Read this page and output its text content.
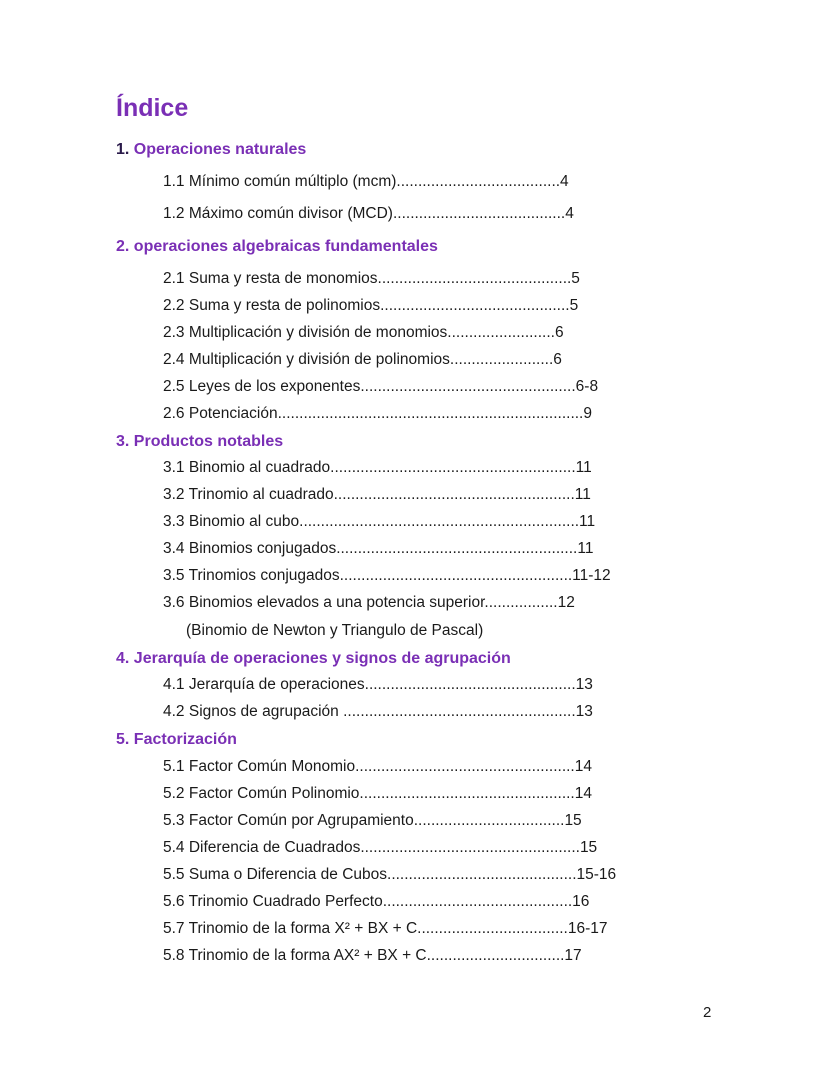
Índice
1. Operaciones naturales
1.1 Mínimo común múltiplo (mcm)......................................4
1.2 Máximo común divisor (MCD)........................................4
2. operaciones algebraicas fundamentales
2.1 Suma y resta de monomios.............................................5
2.2 Suma y resta de polinomios............................................5
2.3 Multiplicación y división de monomios.........................6
2.4 Multiplicación y división de polinomios........................6
2.5 Leyes de los exponentes..................................................6-8
2.6 Potenciación.......................................................................9
3. Productos notables
3.1 Binomio al cuadrado.........................................................11
3.2 Trinomio al cuadrado........................................................11
3.3 Binomio al cubo.................................................................11
3.4 Binomios conjugados........................................................11
3.5 Trinomios conjugados......................................................11-12
3.6 Binomios elevados a una potencia superior.................12
(Binomio de Newton y Triangulo de Pascal)
4. Jerarquía de operaciones y signos de agrupación
4.1 Jerarquía de operaciones.................................................13
4.2 Signos de agrupación ......................................................13
5. Factorización
5.1 Factor Común Monomio...................................................14
5.2 Factor Común Polinomio..................................................14
5.3 Factor Común por Agrupamiento...................................15
5.4 Diferencia de Cuadrados...................................................15
5.5 Suma o Diferencia de Cubos............................................15-16
5.6 Trinomio Cuadrado Perfecto............................................16
5.7 Trinomio de la forma X² + BX + C...................................16-17
5.8 Trinomio de la forma AX² + BX + C................................17
2
